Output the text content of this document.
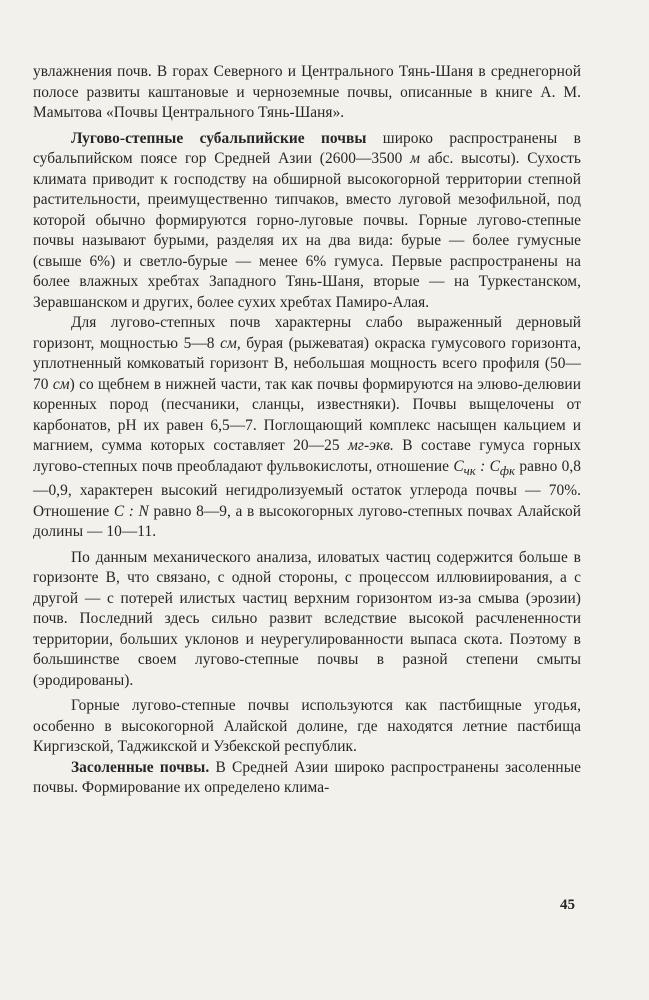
увлажнения почв. В горах Северного и Центрального Тянь-Шаня в среднегорной полосе развиты каштановые и черноземные почвы, описанные в книге А. М. Мамытова «Почвы Центрального Тянь-Шаня».

Лугово-степные субальпийские почвы широко распространены в субальпийском поясе гор Средней Азии (2600—3500 м абс. высоты). Сухость климата приводит к господству на обширной высокогорной территории степной растительности, преимущественно типчаков, вместо луговой мезофильной, под которой обычно формируются горно-луговые почвы. Горные лугово-степные почвы называют бурыми, разделяя их на два вида: бурые — более гумусные (свыше 6%) и светло-бурые — менее 6% гумуса. Первые распространены на более влажных хребтах Западного Тянь-Шаня, вторые — на Туркестанском, Зеравшанском и других, более сухих хребтах Памиро-Алая.

Для лугово-степных почв характерны слабо выраженный дерновый горизонт, мощностью 5—8 см, бурая (рыжеватая) окраска гумусового горизонта, уплотненный комковатый горизонт В, небольшая мощность всего профиля (50—70 см) со щебнем в нижней части, так как почвы формируются на элюво-делювии коренных пород (песчаники, сланцы, известняки). Почвы выщелочены от карбонатов, pH их равен 6,5—7. Поглощающий комплекс насыщен кальцием и магнием, сумма которых составляет 20—25 мг-экв. В составе гумуса горных лугово-степных почв преобладают фульвокислоты, отношение $С_{чк}$ : $С_{фк}$ равно 0,8—0,9, характерен высокий негидролизуемый остаток углерода почвы — 70%. Отношение C : N равно 8—9, а в высокогорных лугово-степных почвах Алайской долины — 10—11.

По данным механического анализа, иловатых частиц содержится больше в горизонте В, что связано, с одной стороны, с процессом иллювиирования, а с другой — с потерей илистых частиц верхним горизонтом из-за смыва (эрозии) почв. Последний здесь сильно развит вследствие высокой расчлененности территории, больших уклонов и неурегулированности выпаса скота. Поэтому в большинстве своем лугово-степные почвы в разной степени смыты (эродированы).

Горные лугово-степные почвы используются как пастбищные угодья, особенно в высокогорной Алайской долине, где находятся летние пастбища Киргизской, Таджикской и Узбекской республик.

Засоленные почвы. В Средней Азии широко распространены засоленные почвы. Формирование их определено клима-

45
